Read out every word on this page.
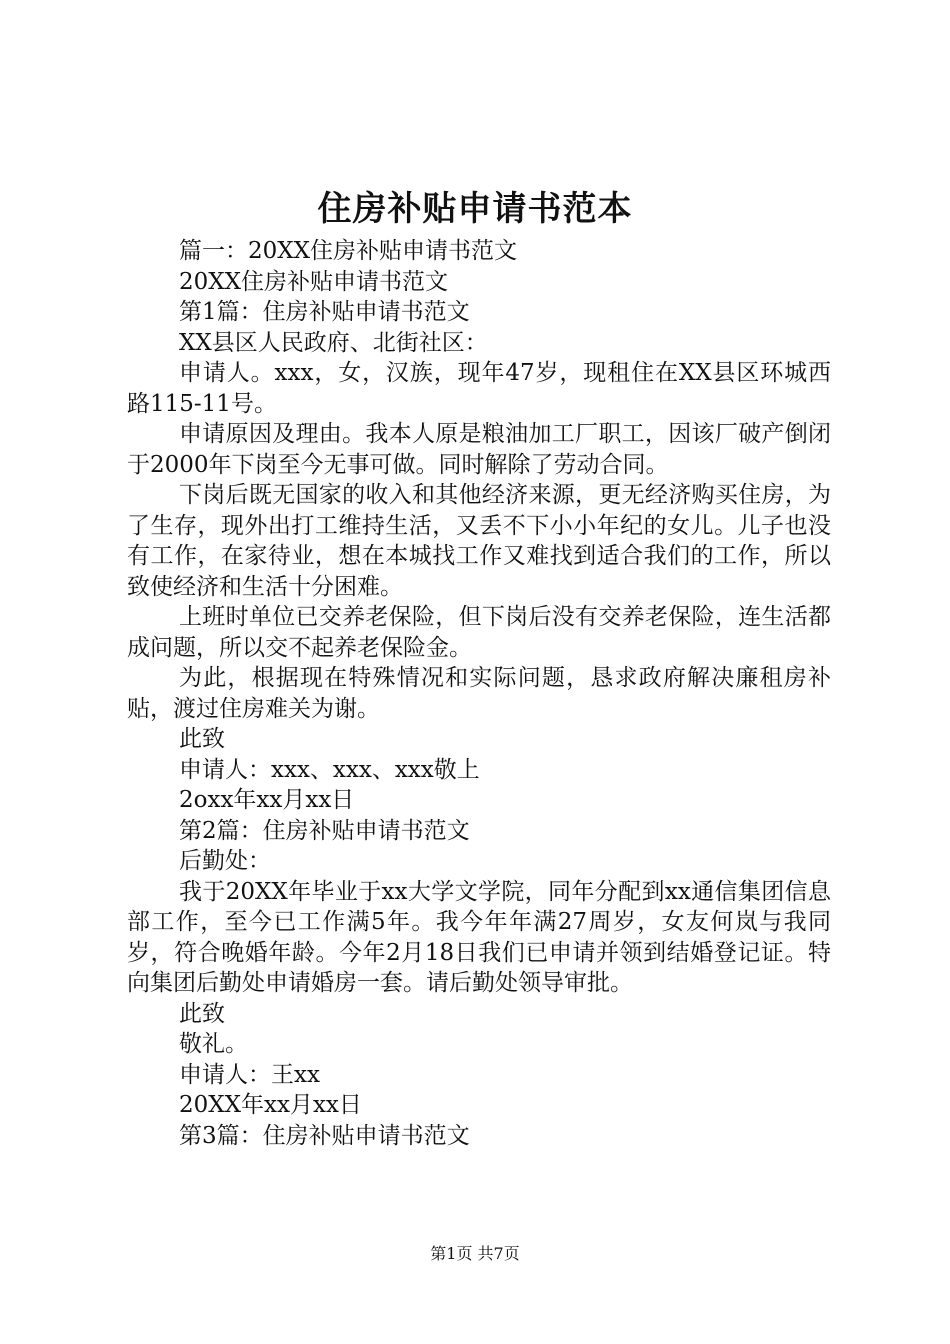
住房补贴申请书范本

篇一：20XX住房补贴申请书范文

20XX住房补贴申请书范文

第1篇：住房补贴申请书范文

XX县区人民政府、北街社区：

申请人。xxx，女，汉族，现年47岁，现租住在XX县区环城西路115-11号。

申请原因及理由。我本人原是粮油加工厂职工，因该厂破产倒闭于2000年下岗至今无事可做。同时解除了劳动合同。

下岗后既无国家的收入和其他经济来源，更无经济购买住房，为了生存，现外出打工维持生活，又丢不下小小年纪的女儿。儿子也没有工作，在家待业，想在本城找工作又难找到适合我们的工作，所以致使经济和生活十分困难。

上班时单位已交养老保险，但下岗后没有交养老保险，连生活都成问题，所以交不起养老保险金。

为此，根据现在特殊情况和实际问题，恳求政府解决廉租房补贴，渡过住房难关为谢。

此致

申请人：xxx、xxx、xxx敬上

2oxx年xx月xx日

第2篇：住房补贴申请书范文

后勤处：

我于20XX年毕业于xx大学文学院，同年分配到xx通信集团信息部工作，至今已工作满5年。我今年年满27周岁，女友何岚与我同岁，符合晚婚年龄。今年2月18日我们已申请并领到结婚登记证。特向集团后勤处申请婚房一套。请后勤处领导审批。

此致

敬礼。

申请人：王xx

20XX年xx月xx日

第3篇：住房补贴申请书范文

第1页 共7页
